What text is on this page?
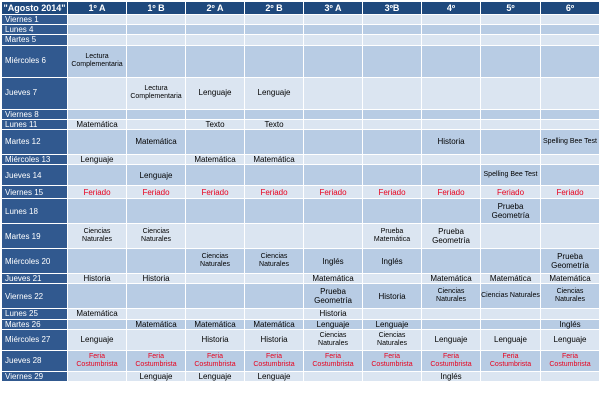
"Agosto 2014"	1º A	1º B	2º A	2º B	3º A	3ºB	4º	5º	6º
Viernes 1									
Lunes 4									
Martes 5									
Miércoles 6	Lectura Complementaria								
Jueves 7		Lectura Complementaria	Lenguaje	Lenguaje					
Viernes 8									
Lunes 11	Matemática		Texto	Texto					
Martes 12		Matemática					Historia		Spelling Bee Test
Miércoles 13	Lenguaje		Matemática	Matemática					
Jueves 14		Lenguaje						Spelling Bee Test	
Viernes 15	Feriado	Feriado	Feriado	Feriado	Feriado	Feriado	Feriado	Feriado	Feriado
Lunes 18								Prueba Geometría	
Martes 19	Ciencias Naturales	Ciencias Naturales				Prueba Matemática	Prueba Geometría		
Miércoles 20			Ciencias Naturales	Ciencias Naturales	Inglés	Inglés			Prueba Geometría
Jueves 21	Historia	Historia			Matemática		Matemática	Matemática	Matemática
Viernes 22					Prueba Geometría	Historia	Ciencias Naturales	Ciencias Naturales	Ciencias Naturales
Lunes 25	Matemática				Historia				
Martes 26		Matemática	Matemática	Matemática	Lenguaje	Lenguaje			Inglés
Miércoles 27	Lenguaje		Historia	Historia	Ciencias Naturales	Ciencias Naturales	Lenguaje	Lenguaje	Lenguaje
Jueves 28	Feria Costumbrista	Feria Costumbrista	Feria Costumbrista	Feria Costumbrista	Feria Costumbrista	Feria Costumbrista	Feria Costumbrista	Feria Costumbrista	Feria Costumbrista
Viernes 29		Lenguaje	Lenguaje	Lenguaje			Inglés		
